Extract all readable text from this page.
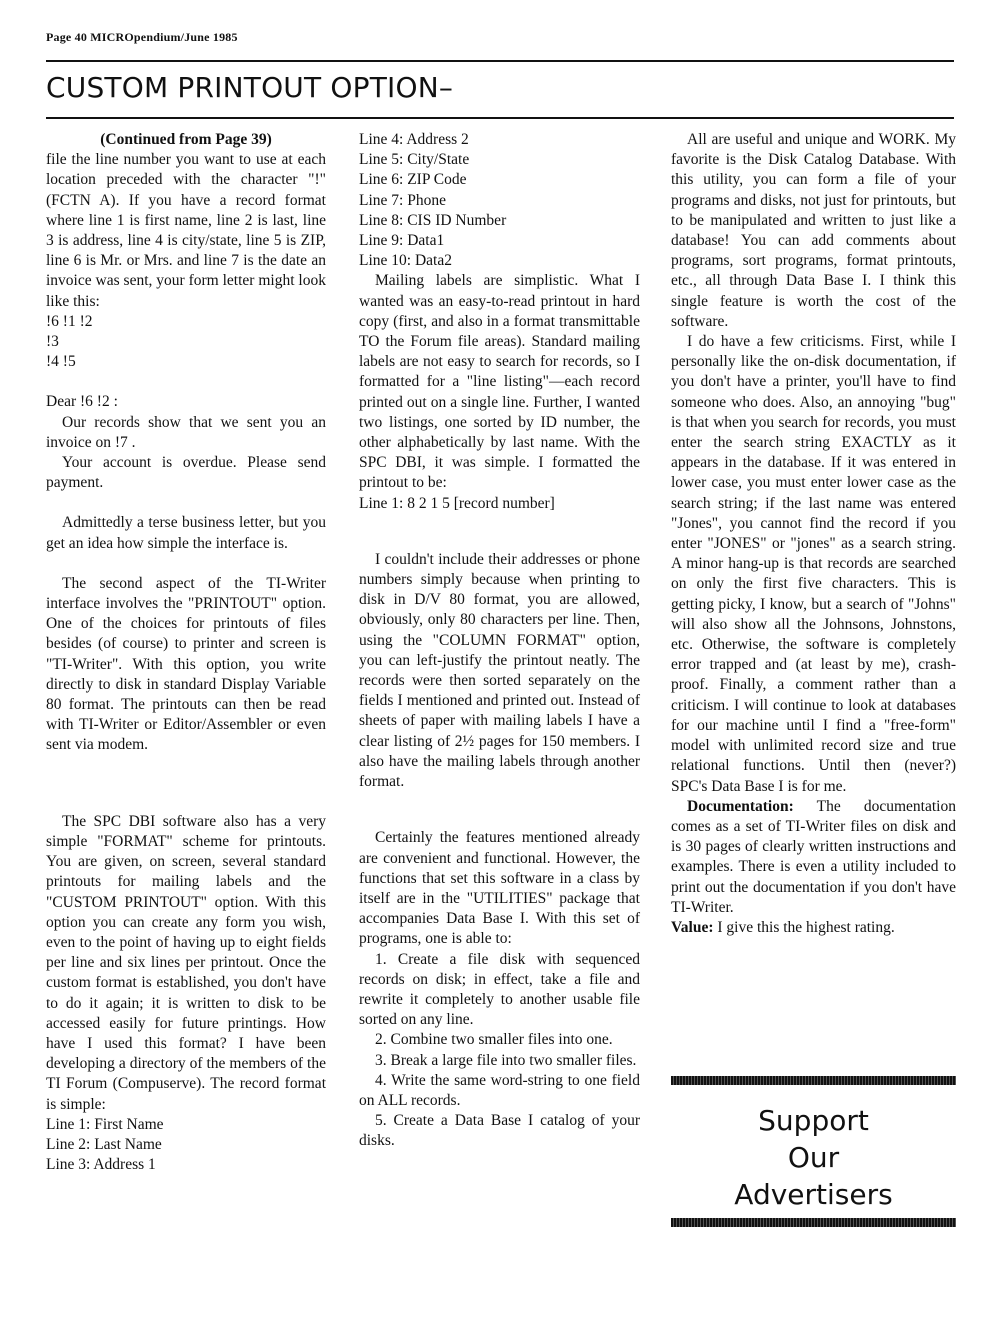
Page 40 MICROpendium/June 1985
CUSTOM PRINTOUT OPTION–

(Continued from Page 39)

file the line number you want to use at each location preceded with the character "!" (FCTN A). If you have a record format where line 1 is first name, line 2 is last, line 3 is address, line 4 is city/state, line 5 is ZIP, line 6 is Mr. or Mrs. and line 7 is the date an invoice was sent, your form letter might look like this:

!6 !1 !2

!3

!4 !5

Dear !6 !2 :

Our records show that we sent you an invoice on !7 .

Your account is overdue. Please send payment.

Admittedly a terse business letter, but you get an idea how simple the interface is.

The second aspect of the TI-Writer interface involves the "PRINTOUT" option. One of the choices for printouts of files besides (of course) to printer and screen is "TI-Writer". With this option, you write directly to disk in standard Display Variable 80 format. The printouts can then be read with TI-Writer or Editor/Assembler or even sent via modem.

The SPC DBI software also has a very simple "FORMAT" scheme for printouts. You are given, on screen, several standard printouts for mailing labels and the "CUSTOM PRINTOUT" option. With this option you can create any form you wish, even to the point of having up to eight fields per line and six lines per printout. Once the custom format is established, you don't have to do it again; it is written to disk to be accessed easily for future printings. How have I used this format? I have been developing a directory of the members of the TI Forum (Compuserve). The record format is simple:

Line 1: First Name

Line 2: Last Name

Line 3: Address 1

Line 4: Address 2

Line 5: City/State

Line 6: ZIP Code

Line 7: Phone

Line 8: CIS ID Number

Line 9: Data1

Line 10: Data2

Mailing labels are simplistic. What I wanted was an easy-to-read printout in hard copy (first, and also in a format transmittable TO the Forum file areas). Standard mailing labels are not easy to search for records, so I formatted for a "line listing"—each record printed out on a single line. Further, I wanted two listings, one sorted by ID number, the other alphabetically by last name. With the SPC DBI, it was simple. I formatted the printout to be:

Line 1: 8 2 1 5 [record number]

I couldn't include their addresses or phone numbers simply because when printing to disk in D/V 80 format, you are allowed, obviously, only 80 characters per line. Then, using the "COLUMN FORMAT" option, you can left-justify the printout neatly. The records were then sorted separately on the fields I mentioned and printed out. Instead of sheets of paper with mailing labels I have a clear listing of 2½ pages for 150 members. I also have the mailing labels through another format.

Certainly the features mentioned already are convenient and functional. However, the functions that set this software in a class by itself are in the "UTILITIES" package that accompanies Data Base I. With this set of programs, one is able to:

1. Create a file disk with sequenced records on disk; in effect, take a file and rewrite it completely to another usable file sorted on any line.

2. Combine two smaller files into one.

3. Break a large file into two smaller files.

4. Write the same word-string to one field on ALL records.

5. Create a Data Base I catalog of your disks.

All are useful and unique and WORK. My favorite is the Disk Catalog Database. With this utility, you can form a file of your programs and disks, not just for printouts, but to be manipulated and written to just like a database! You can add comments about programs, sort programs, format printouts, etc., all through Data Base I. I think this single feature is worth the cost of the software.

I do have a few criticisms. First, while I personally like the on-disk documentation, if you don't have a printer, you'll have to find someone who does. Also, an annoying "bug" is that when you search for records, you must enter the search string EXACTLY as it appears in the database. If it was entered in lower case, you must enter lower case as the search string; if the last name was entered "Jones", you cannot find the record if you enter "JONES" or "jones" as a search string. A minor hang-up is that records are searched on only the first five characters. This is getting picky, I know, but a search of "Johns" will also show all the Johnsons, Johnstons, etc. Otherwise, the software is completely error trapped and (at least by me), crash-proof. Finally, a comment rather than a criticism. I will continue to look at databases for our machine until I find a "free-form" model with unlimited record size and true relational functions. Until then (never?) SPC's Data Base I is for me.

Documentation: The documentation comes as a set of TI-Writer files on disk and is 30 pages of clearly written instructions and examples. There is even a utility included to print out the documentation if you don't have TI-Writer.

Value: I give this the highest rating.

Support
Our
Advertisers
